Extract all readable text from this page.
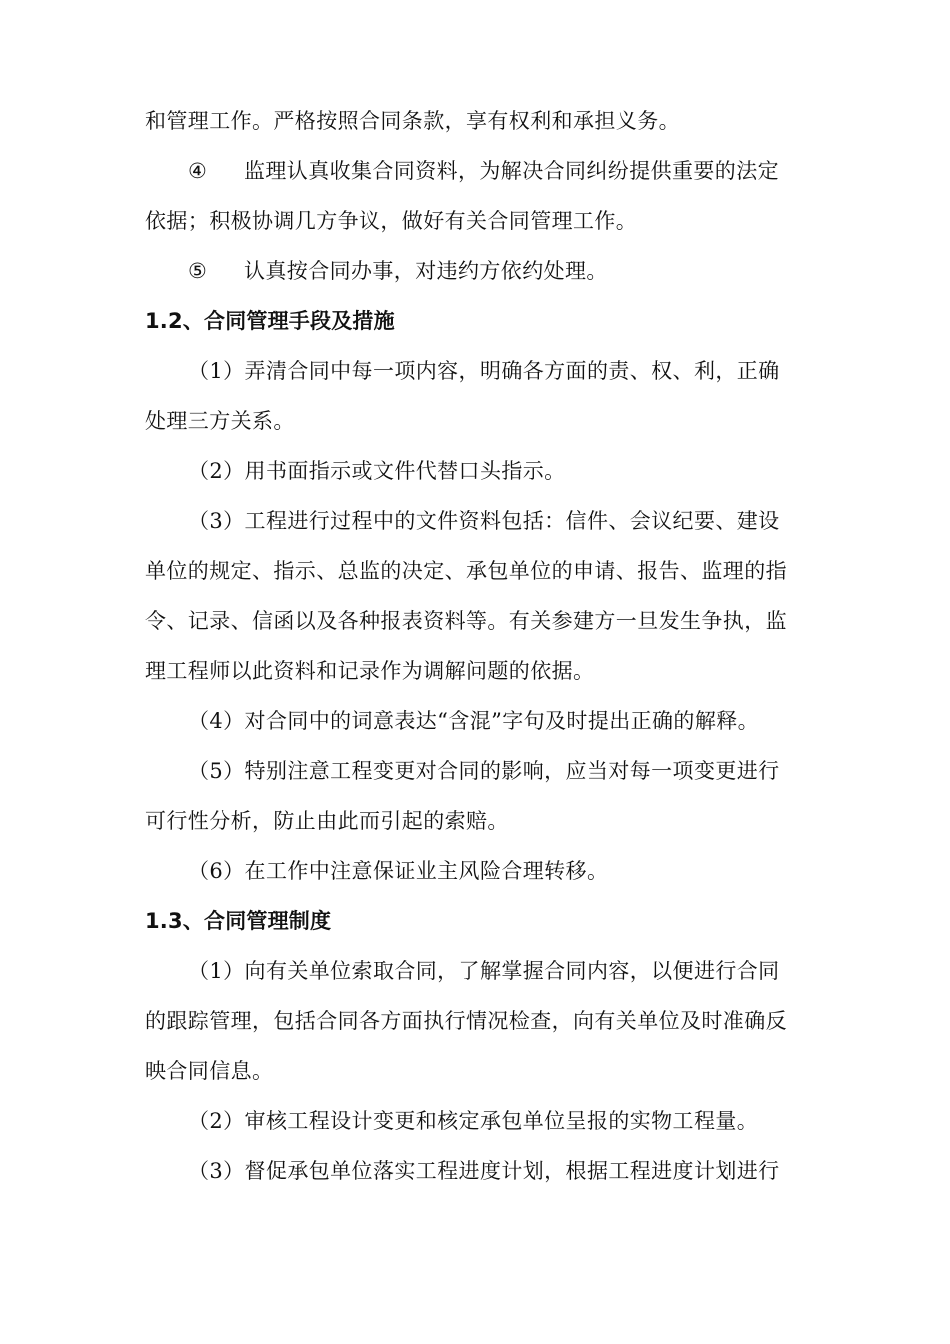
和管理工作。严格按照合同条款，享有权利和承担义务。
④ 监理认真收集合同资料，为解决合同纠纷提供重要的法定
依据；积极协调几方争议，做好有关合同管理工作。
⑤ 认真按合同办事，对违约方依约处理。
1.2、合同管理手段及措施
（1）弄清合同中每一项内容，明确各方面的责、权、利，正确
处理三方关系。
（2）用书面指示或文件代替口头指示。
（3）工程进行过程中的文件资料包括：信件、会议纪要、建设
单位的规定、指示、总监的决定、承包单位的申请、报告、监理的指
令、记录、信函以及各种报表资料等。有关参建方一旦发生争执，监
理工程师以此资料和记录作为调解问题的依据。
（4）对合同中的词意表达“含混”字句及时提出正确的解释。
（5）特别注意工程变更对合同的影响，应当对每一项变更进行
可行性分析，防止由此而引起的索赔。
（6）在工作中注意保证业主风险合理转移。
1.3、合同管理制度
（1）向有关单位索取合同，了解掌握合同内容，以便进行合同
的跟踪管理，包括合同各方面执行情况检查，向有关单位及时准确反
映合同信息。
（2）审核工程设计变更和核定承包单位呈报的实物工程量。
（3）督促承包单位落实工程进度计划，根据工程进度计划进行
